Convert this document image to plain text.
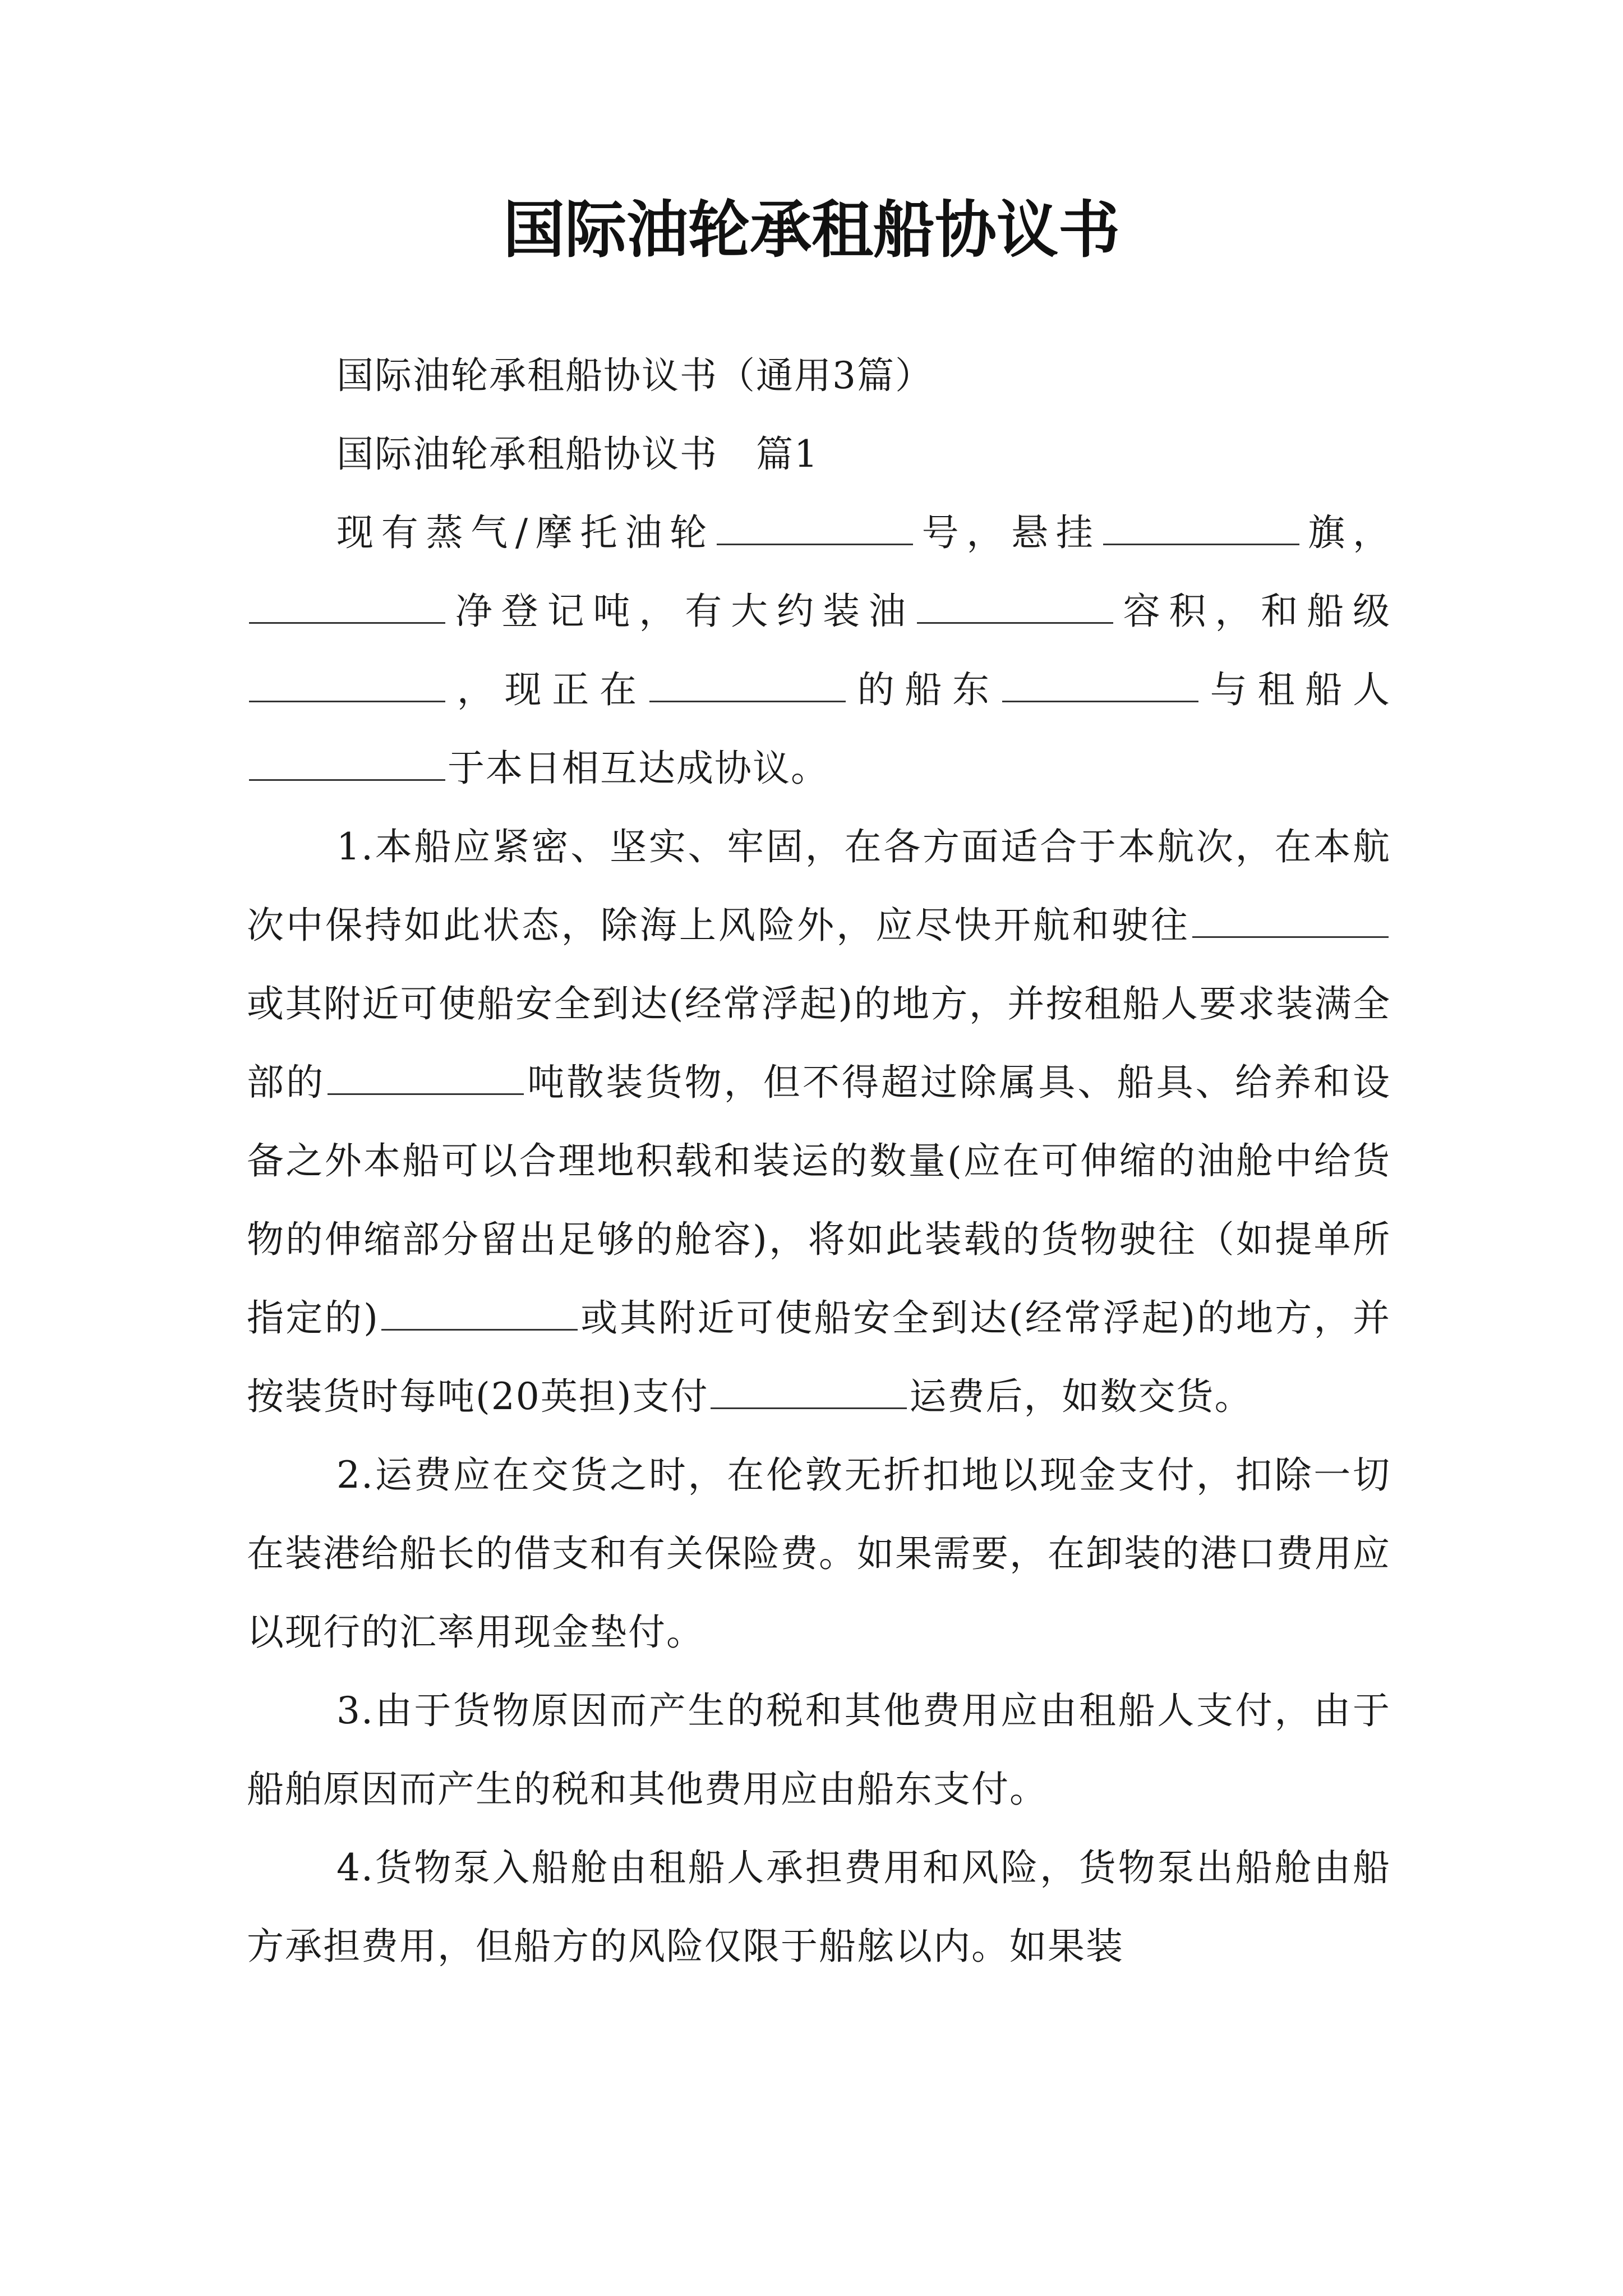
国际油轮承租船协议书

国际油轮承租船协议书（通用3篇）

国际油轮承租船协议书　篇1

现有蒸气/摩托油轮	号，悬挂	旗，净登记吨，有大约装油	容积，和船级，现正在	的船东	与租船人于本日相互达成协议。

1.本船应紧密、坚实、牢固，在各方面适合于本航次，在本航次中保持如此状态，除海上风险外，应尽快开航和驶往或其附近可使船安全到达(经常浮起)的地方，并按租船人要求装满全部的	吨散装货物，但不得超过除属具、船具、给养和设备之外本船可以合理地积载和装运的数量(应在可伸缩的油舱中给货物的伸缩部分留出足够的舱容)，将如此装载的货物驶往（如提单所指定的)	或其附近可使船安全到达(经常浮起)的地方，并按装货时每吨(20英担)支付	运费后，如数交货。

2.运费应在交货之时，在伦敦无折扣地以现金支付，扣除一切在装港给船长的借支和有关保险费。如果需要，在卸装的港口费用应以现行的汇率用现金垫付。

3.由于货物原因而产生的税和其他费用应由租船人支付，由于船舶原因而产生的税和其他费用应由船东支付。

4.货物泵入船舱由租船人承担费用和风险，货物泵出船舱由船方承担费用，但船方的风险仅限于船舷以内。如果装
